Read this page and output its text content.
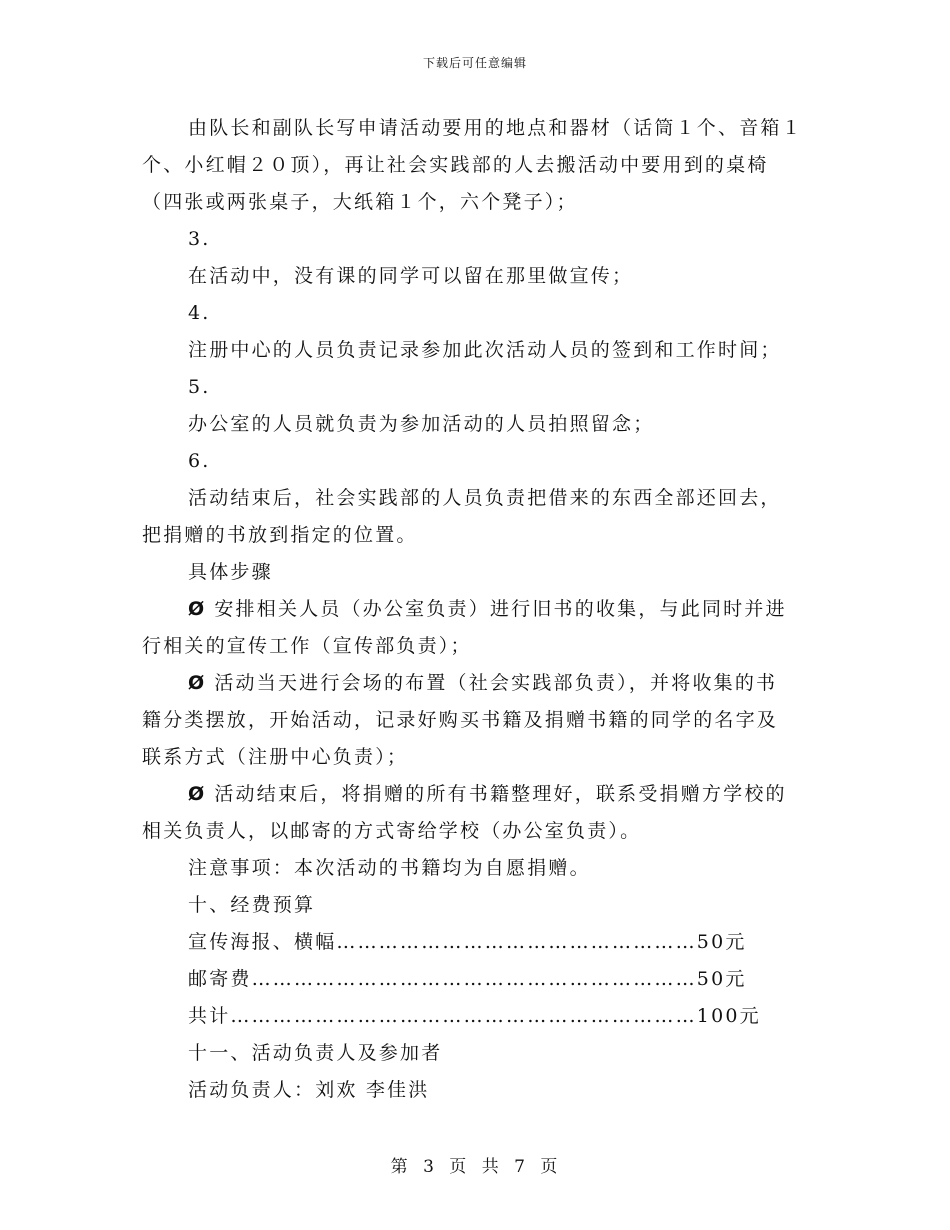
下载后可任意编辑

由队长和副队长写申请活动要用的地点和器材（话筒１个、音箱１

个、小红帽２０顶），再让社会实践部的人去搬活动中要用到的桌椅

（四张或两张桌子，大纸箱１个，六个凳子）；

3.

在活动中，没有课的同学可以留在那里做宣传；

4.

注册中心的人员负责记录参加此次活动人员的签到和工作时间；

5.

办公室的人员就负责为参加活动的人员拍照留念；

6.

活动结束后，社会实践部的人员负责把借来的东西全部还回去，

把捐赠的书放到指定的位置。

具体步骤

Ø 安排相关人员（办公室负责）进行旧书的收集，与此同时并进

行相关的宣传工作（宣传部负责）；

Ø 活动当天进行会场的布置（社会实践部负责），并将收集的书

籍分类摆放，开始活动，记录好购买书籍及捐赠书籍的同学的名字及

联系方式（注册中心负责）；

Ø 活动结束后，将捐赠的所有书籍整理好，联系受捐赠方学校的

相关负责人，以邮寄的方式寄给学校（办公室负责）。

注意事项：本次活动的书籍均为自愿捐赠。

十、经费预算

宣传海报、横幅……………………………………………50元

邮寄费………………………………………………………50元

共计…………………………………………………………100元

十一、活动负责人及参加者

活动负责人：刘欢 李佳洪

第 3 页 共 7 页
